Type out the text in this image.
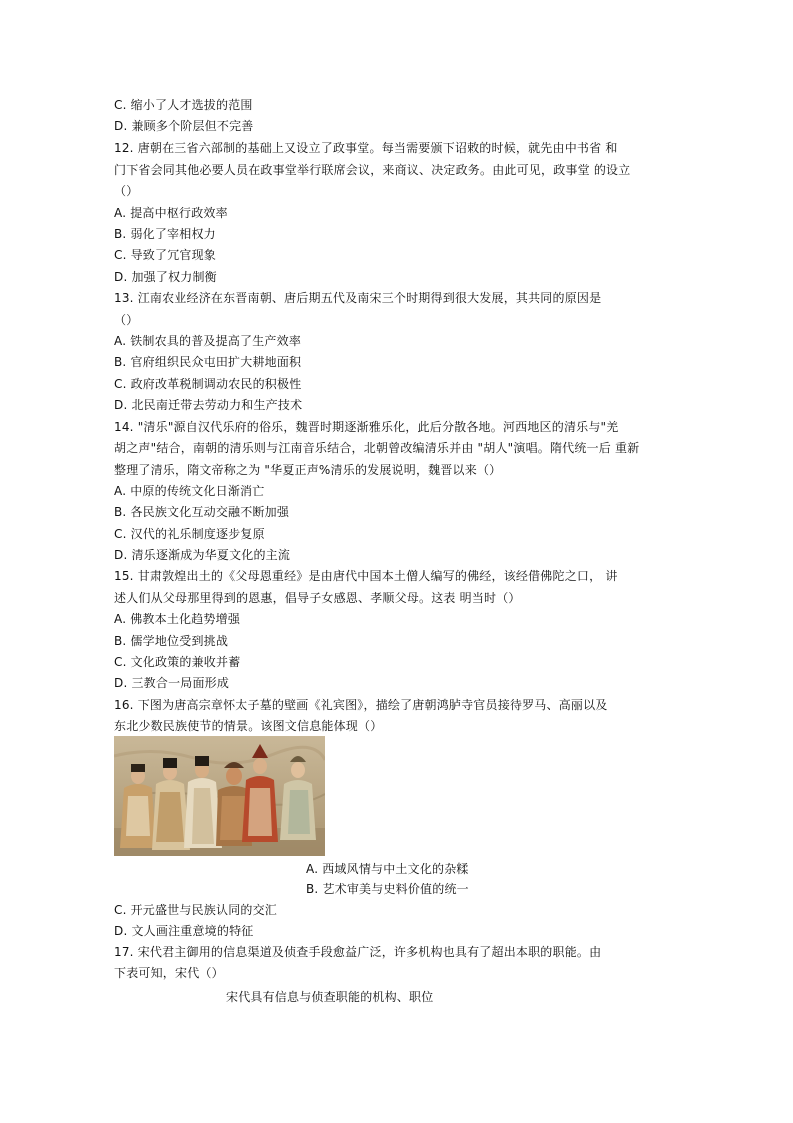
C. 缩小了人才选拔的范围
D. 兼顾多个阶层但不完善
12. 唐朝在三省六部制的基础上又设立了政事堂。每当需要颁下诏敕的时候，就先由中书省 和
门下省会同其他必要人员在政事堂举行联席会议，来商议、决定政务。由此可见，政事堂 的设立
（）
A. 提高中枢行政效率
B. 弱化了宰相权力
C. 导致了冗官现象
D. 加强了权力制衡
13. 江南农业经济在东晋南朝、唐后期五代及南宋三个时期得到很大发展，其共同的原因是
（）
A. 铁制农具的普及提高了生产效率
B. 官府组织民众屯田扩大耕地面积
C. 政府改革税制调动农民的积极性
D. 北民南迁带去劳动力和生产技术
14. "清乐"源自汉代乐府的俗乐，魏晋时期逐渐雅乐化，此后分散各地。河西地区的清乐与"羌
胡之声"结合，南朝的清乐则与江南音乐结合，北朝曾改编清乐并由 "胡人"演唱。隋代统一后 重新
整理了清乐，隋文帝称之为 "华夏正声%清乐的发展说明，魏晋以来（）
A. 中原的传统文化日渐消亡
B. 各民族文化互动交融不断加强
C. 汉代的礼乐制度逐步复原
D. 清乐逐渐成为华夏文化的主流
15. 甘肃敦煌出土的《父母恩重经》是由唐代中国本土僧人编写的佛经，该经借佛陀之口， 讲
述人们从父母那里得到的恩惠，倡导子女感恩、孝顺父母。这表 明当时（）
A. 佛教本土化趋势增强
B. 儒学地位受到挑战
C. 文化政策的兼收并蓄
D. 三教合一局面形成
16. 下图为唐高宗章怀太子墓的壁画《礼宾图》，描绘了唐朝鸿胪寺官员接待罗马、高丽以及
东北少数民族使节的情景。该图文信息能体现（）
A. 西域风情与中土文化的杂糅
B. 艺术审美与史料价值的统一
C. 开元盛世与民族认同的交汇
D. 文人画注重意境的特征
17. 宋代君主御用的信息渠道及侦查手段愈益广泛，许多机构也具有了超出本职的职能。由
下表可知，宋代（）
宋代具有信息与侦查职能的机构、职位
